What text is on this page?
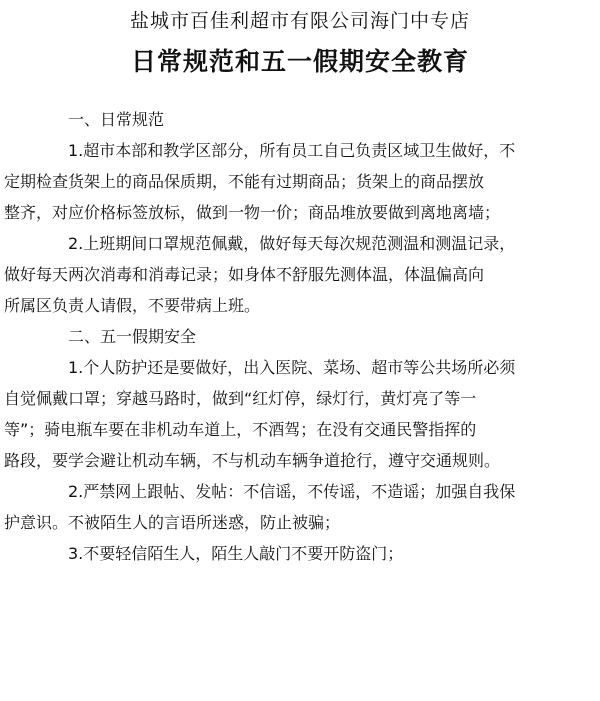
盐城市百佳利超市有限公司海门中专店
日常规范和五一假期安全教育

一、日常规范

1.超市本部和教学区部分，所有员工自己负责区域卫生做好，不
定期检查货架上的商品保质期，不能有过期商品；货架上的商品摆放
整齐，对应价格标签放标，做到一物一价；商品堆放要做到离地离墙；
2.上班期间口罩规范佩戴，做好每天每次规范测温和测温记录，
做好每天两次消毒和消毒记录；如身体不舒服先测体温，体温偏高向
所属区负责人请假，不要带病上班。

二、五一假期安全

1.个人防护还是要做好，出入医院、菜场、超市等公共场所必须
自觉佩戴口罩；穿越马路时，做到“红灯停，绿灯行，黄灯亮了等一
等”；骑电瓶车要在非机动车道上，不酒驾；在没有交通民警指挥的
路段，要学会避让机动车辆，不与机动车辆争道抢行，遵守交通规则。
2.严禁网上跟帖、发帖：不信谣，不传谣，不造谣；加强自我保
护意识。不被陌生人的言语所迷惑，防止被骗；
3.不要轻信陌生人，陌生人敲门不要开防盗门；
